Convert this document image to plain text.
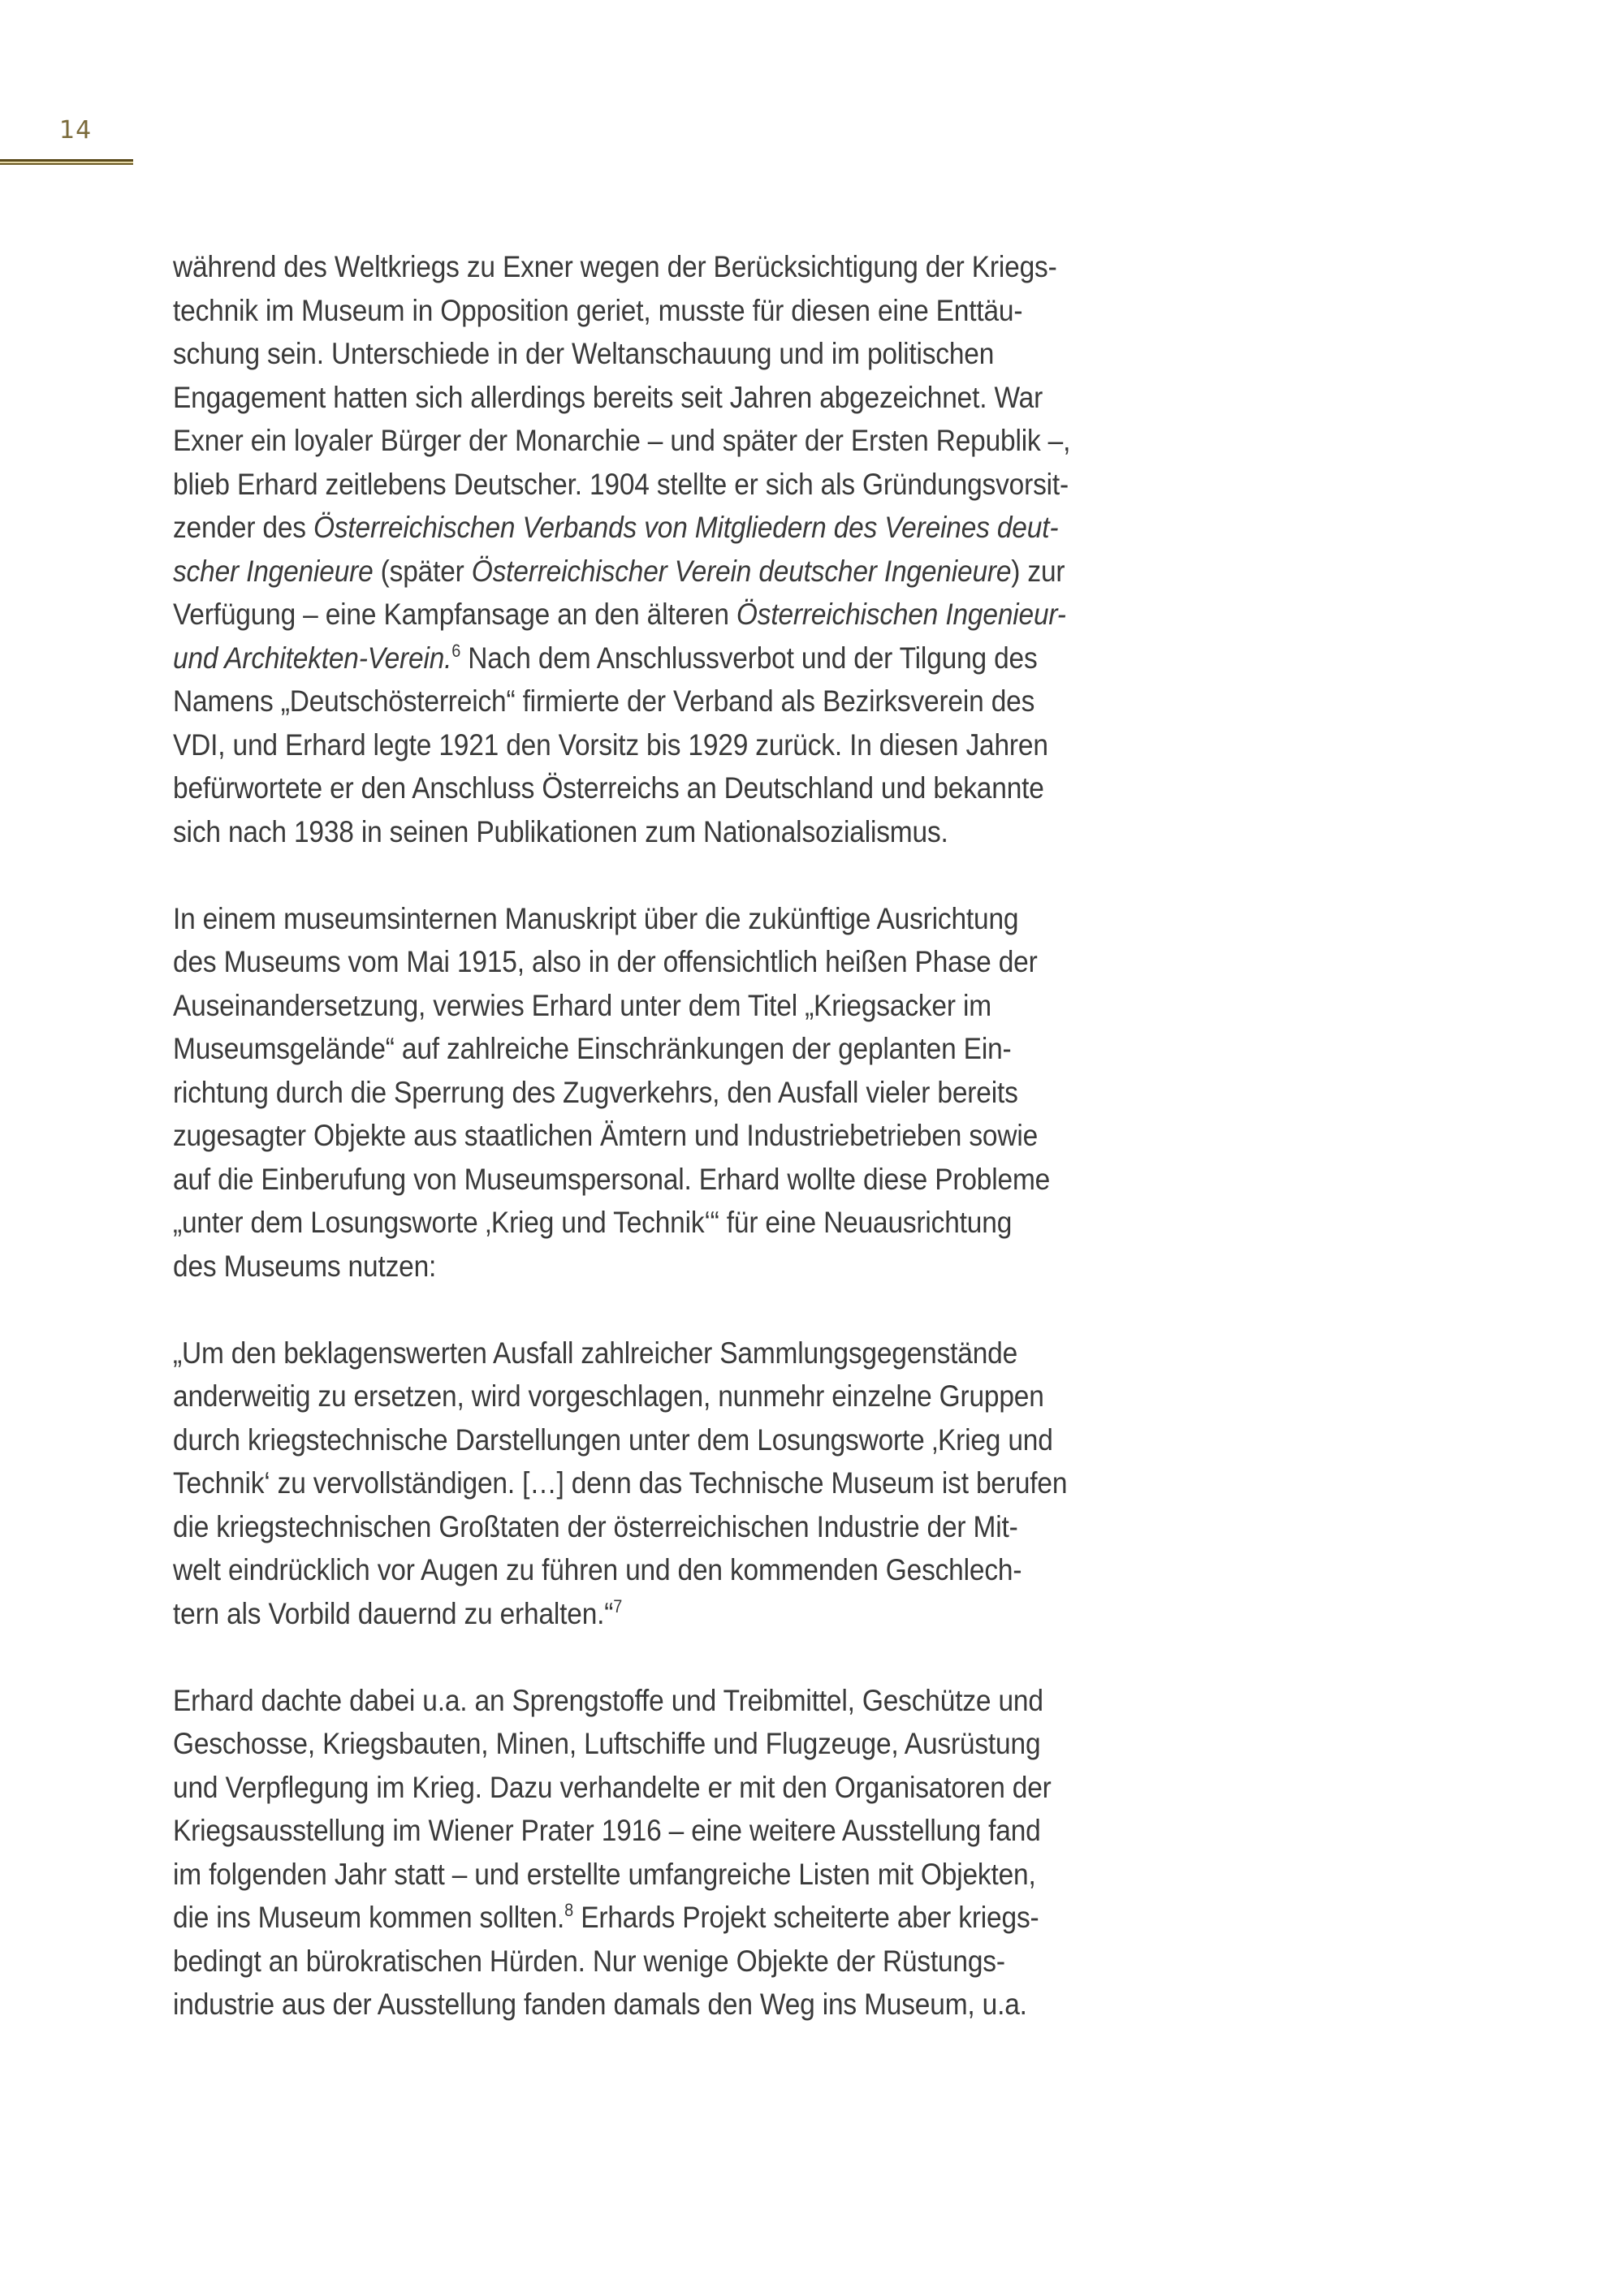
14
während des Weltkriegs zu Exner wegen der Berücksichtigung der Kriegs-
technik im Museum in Opposition geriet, musste für diesen eine Enttäu-
schung sein. Unterschiede in der Weltanschauung und im politischen
Engagement hatten sich allerdings bereits seit Jahren abgezeichnet. War
Exner ein loyaler Bürger der Monarchie – und später der Ersten Republik –,
blieb Erhard zeitlebens Deutscher. 1904 stellte er sich als Gründungsvorsit-
zender des Österreichischen Verbands von Mitgliedern des Vereines deut-
scher Ingenieure (später Österreichischer Verein deutscher Ingenieure) zur
Verfügung – eine Kampfansage an den älteren Österreichischen Ingenieur-
und Architekten-Verein.$^6$ Nach dem Anschlussverbot und der Tilgung des
Namens „Deutschösterreich“ firmierte der Verband als Bezirksverein des
VDI, und Erhard legte 1921 den Vorsitz bis 1929 zurück. In diesen Jahren
befürwortete er den Anschluss Österreichs an Deutschland und bekannte
sich nach 1938 in seinen Publikationen zum Nationalsozialismus.
In einem museumsinternen Manuskript über die zukünftige Ausrichtung
des Museums vom Mai 1915, also in der offensichtlich heißen Phase der
Auseinandersetzung, verwies Erhard unter dem Titel „Kriegsacker im
Museumsgelände“ auf zahlreiche Einschränkungen der geplanten Ein-
richtung durch die Sperrung des Zugverkehrs, den Ausfall vieler bereits
zugesagter Objekte aus staatlichen Ämtern und Industriebetrieben sowie
auf die Einberufung von Museumspersonal. Erhard wollte diese Probleme
„unter dem Losungsworte ‚Krieg und Technik‘“ für eine Neuausrichtung
des Museums nutzen:
„Um den beklagenswerten Ausfall zahlreicher Sammlungsgegenstände
anderweitig zu ersetzen, wird vorgeschlagen, nunmehr einzelne Gruppen
durch kriegstechnische Darstellungen unter dem Losungsworte ‚Krieg und
Technik‘ zu vervollständigen. […] denn das Technische Museum ist berufen
die kriegstechnischen Großtaten der österreichischen Industrie der Mit-
welt eindrücklich vor Augen zu führen und den kommenden Geschlech-
tern als Vorbild dauernd zu erhalten.“$^7$
Erhard dachte dabei u.a. an Sprengstoffe und Treibmittel, Geschütze und
Geschosse, Kriegsbauten, Minen, Luftschiffe und Flugzeuge, Ausrüstung
und Verpflegung im Krieg. Dazu verhandelte er mit den Organisatoren der
Kriegsausstellung im Wiener Prater 1916 – eine weitere Ausstellung fand
im folgenden Jahr statt – und erstellte umfangreiche Listen mit Objekten,
die ins Museum kommen sollten.$^8$ Erhards Projekt scheiterte aber kriegs-
bedingt an bürokratischen Hürden. Nur wenige Objekte der Rüstungs-
industrie aus der Ausstellung fanden damals den Weg ins Museum, u.a.
